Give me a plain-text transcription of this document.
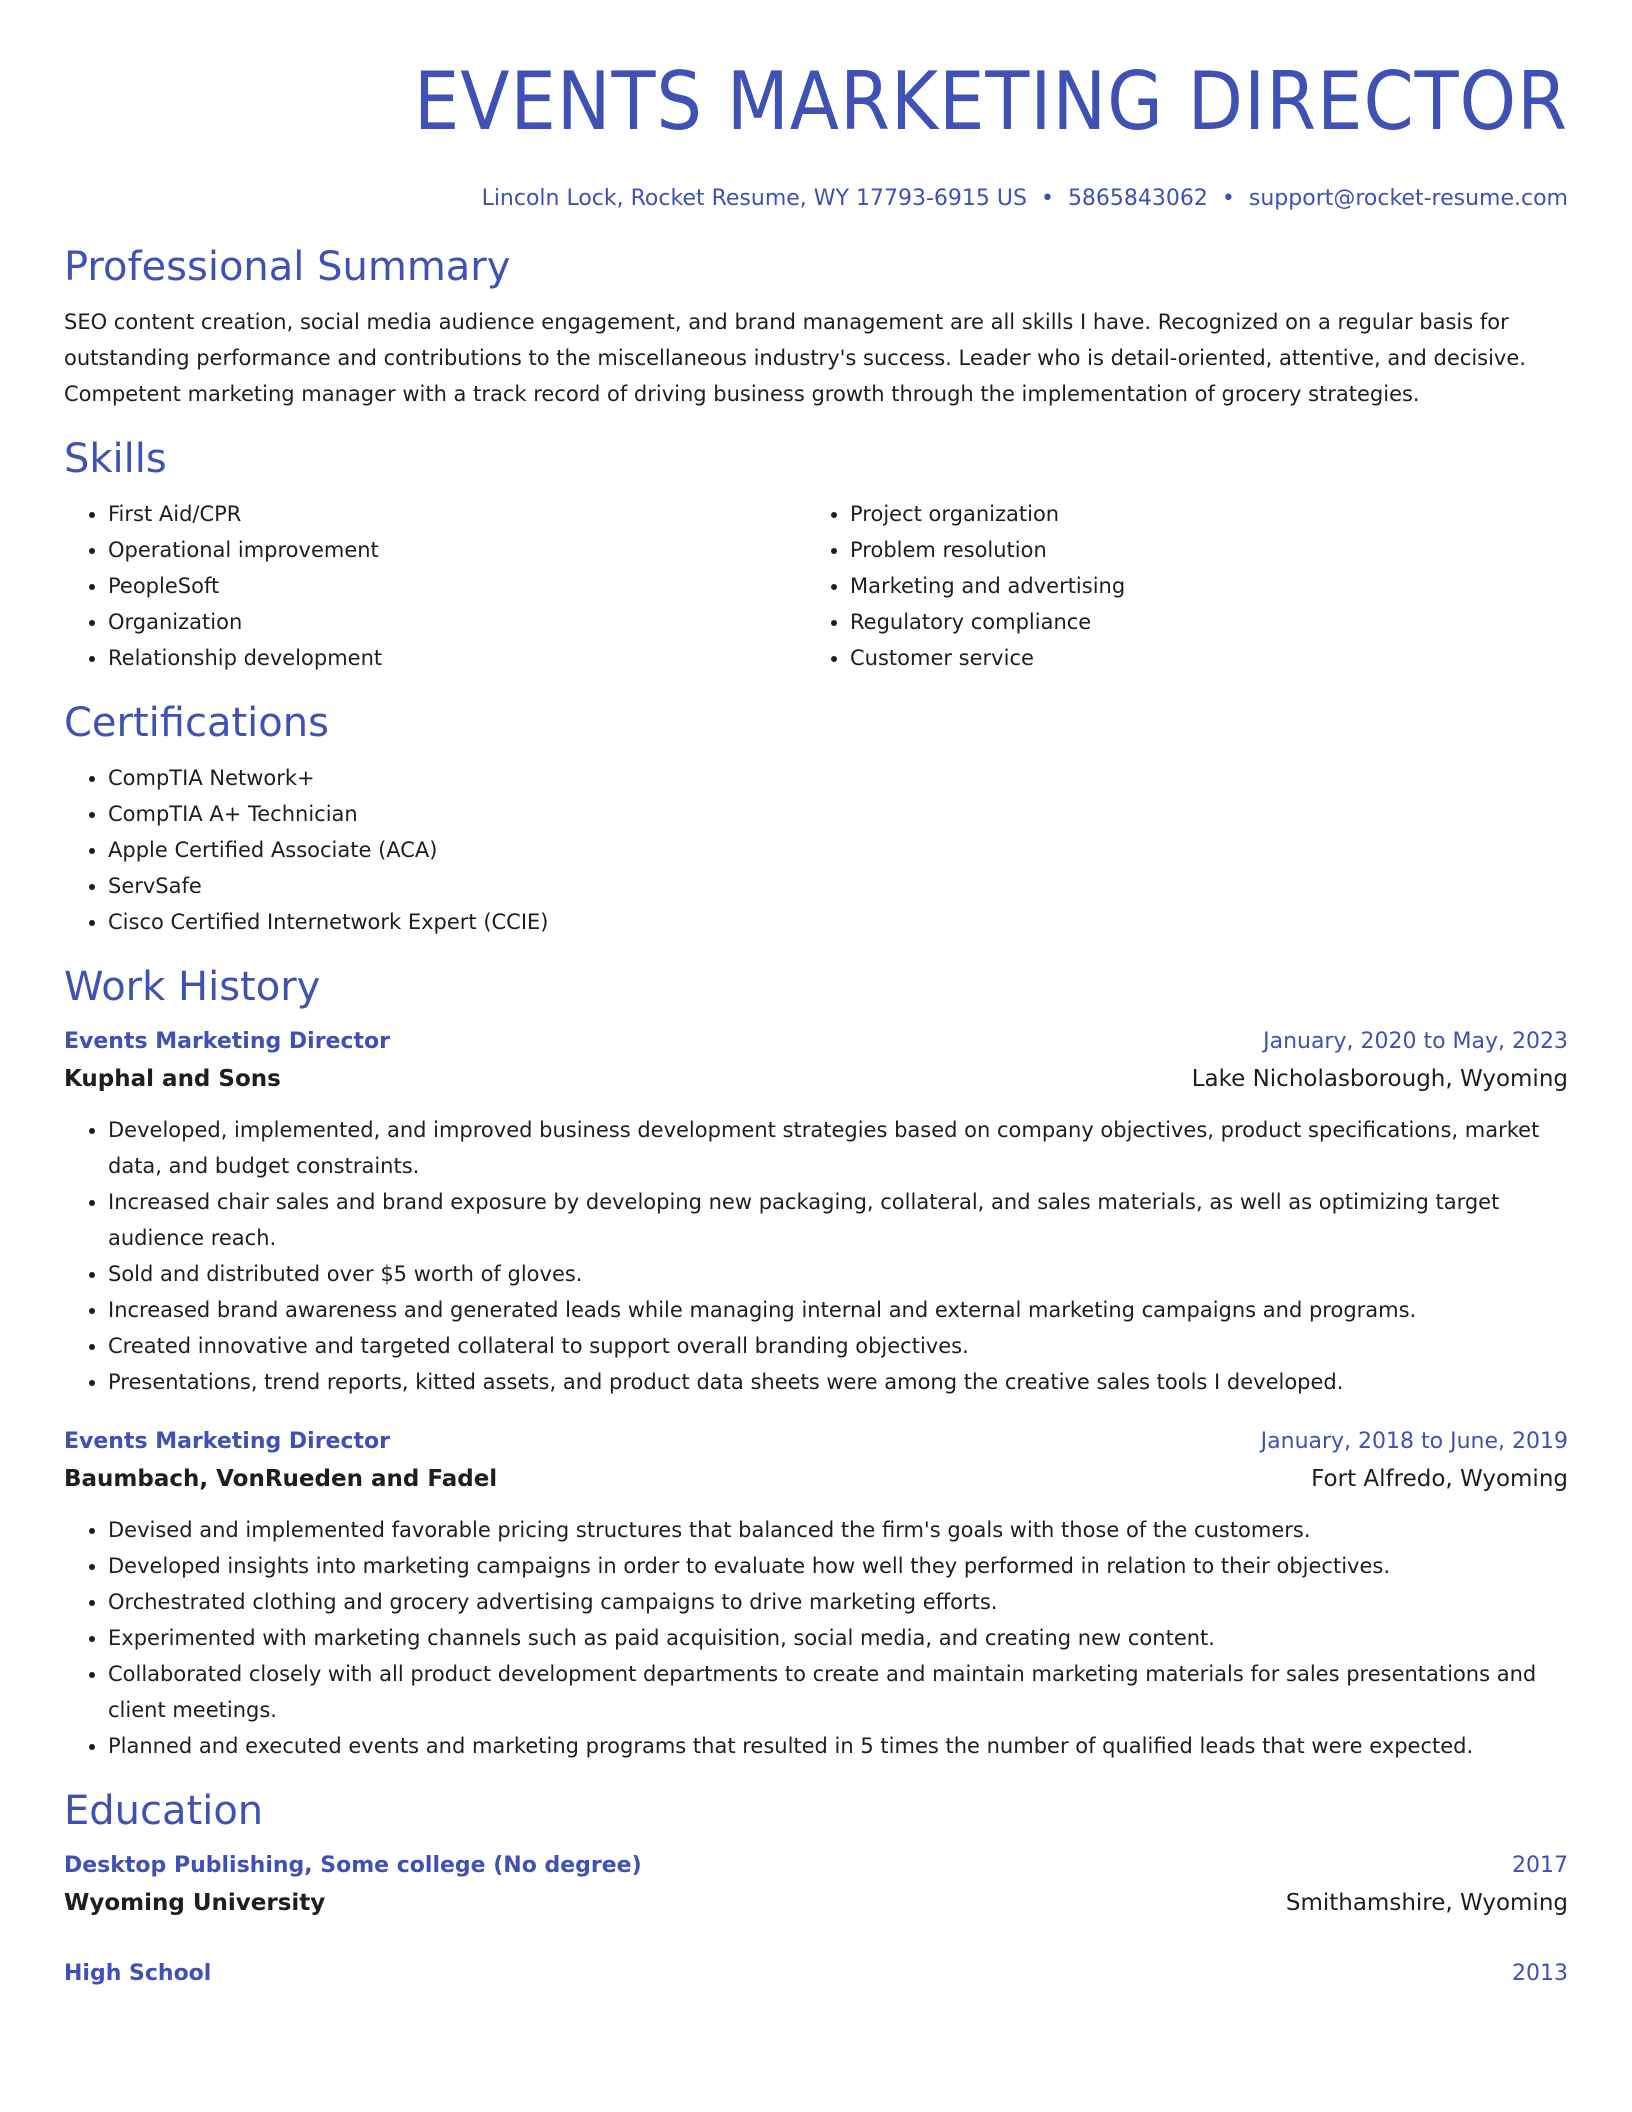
EVENTS MARKETING DIRECTOR
Lincoln Lock, Rocket Resume, WY 17793-6915 US • 5865843062 • support@rocket-resume.com
Professional Summary

SEO content creation, social media audience engagement, and brand management are all skills I have. Recognized on a regular basis for outstanding performance and contributions to the miscellaneous industry's success. Leader who is detail-oriented, attentive, and decisive. Competent marketing manager with a track record of driving business growth through the implementation of grocery strategies.

Skills
• First Aid/CPR
• Operational improvement
• PeopleSoft
• Organization
• Relationship development
• Project organization
• Problem resolution
• Marketing and advertising
• Regulatory compliance
• Customer service
Certifications
• CompTIA Network+
• CompTIA A+ Technician
• Apple Certified Associate (ACA)
• ServSafe
• Cisco Certified Internetwork Expert (CCIE)
Work History
Events Marketing Director	January, 2020 to May, 2023
Kuphal and Sons	Lake Nicholasborough, Wyoming
• Developed, implemented, and improved business development strategies based on company objectives, product specifications, market data, and budget constraints.
• Increased chair sales and brand exposure by developing new packaging, collateral, and sales materials, as well as optimizing target audience reach.
• Sold and distributed over $5 worth of gloves.
• Increased brand awareness and generated leads while managing internal and external marketing campaigns and programs.
• Created innovative and targeted collateral to support overall branding objectives.
• Presentations, trend reports, kitted assets, and product data sheets were among the creative sales tools I developed.
Events Marketing Director	January, 2018 to June, 2019
Baumbach, VonRueden and Fadel	Fort Alfredo, Wyoming
• Devised and implemented favorable pricing structures that balanced the firm's goals with those of the customers.
• Developed insights into marketing campaigns in order to evaluate how well they performed in relation to their objectives.
• Orchestrated clothing and grocery advertising campaigns to drive marketing efforts.
• Experimented with marketing channels such as paid acquisition, social media, and creating new content.
• Collaborated closely with all product development departments to create and maintain marketing materials for sales presentations and client meetings.
• Planned and executed events and marketing programs that resulted in 5 times the number of qualified leads that were expected.
Education
Desktop Publishing, Some college (No degree)	2017
Wyoming University	Smithamshire, Wyoming
High School	2013
